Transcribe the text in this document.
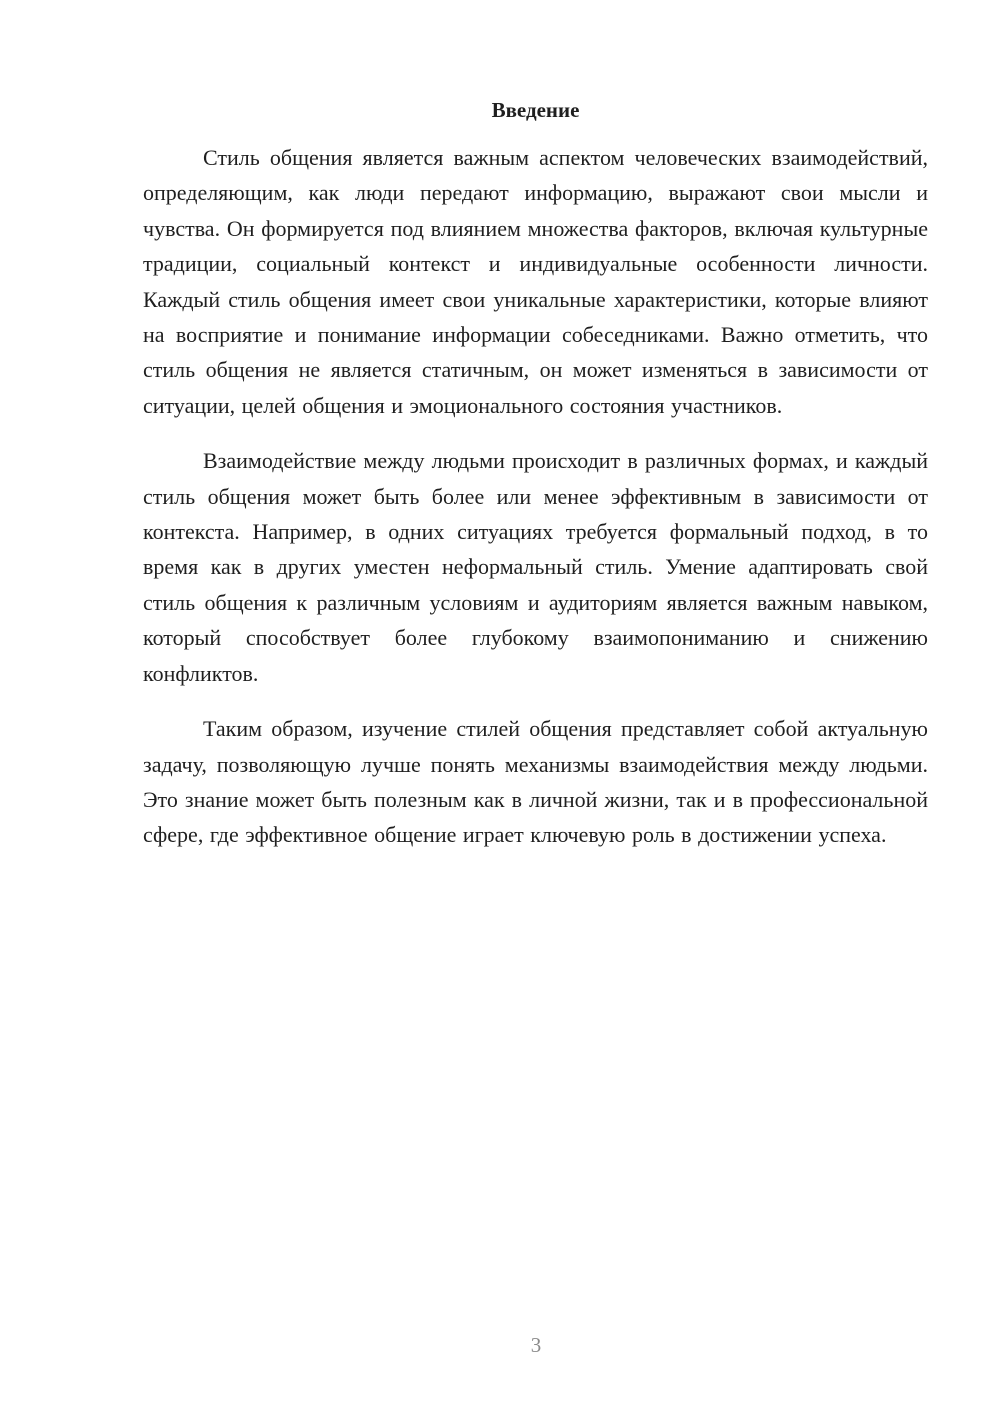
Введение

Стиль общения является важным аспектом человеческих взаимодействий, определяющим, как люди передают информацию, выражают свои мысли и чувства. Он формируется под влиянием множества факторов, включая культурные традиции, социальный контекст и индивидуальные особенности личности. Каждый стиль общения имеет свои уникальные характеристики, которые влияют на восприятие и понимание информации собеседниками. Важно отметить, что стиль общения не является статичным, он может изменяться в зависимости от ситуации, целей общения и эмоционального состояния участников.

Взаимодействие между людьми происходит в различных формах, и каждый стиль общения может быть более или менее эффективным в зависимости от контекста. Например, в одних ситуациях требуется формальный подход, в то время как в других уместен неформальный стиль. Умение адаптировать свой стиль общения к различным условиям и аудиториям является важным навыком, который способствует более глубокому взаимопониманию и снижению конфликтов.

Таким образом, изучение стилей общения представляет собой актуальную задачу, позволяющую лучше понять механизмы взаимодействия между людьми. Это знание может быть полезным как в личной жизни, так и в профессиональной сфере, где эффективное общение играет ключевую роль в достижении успеха.

3
